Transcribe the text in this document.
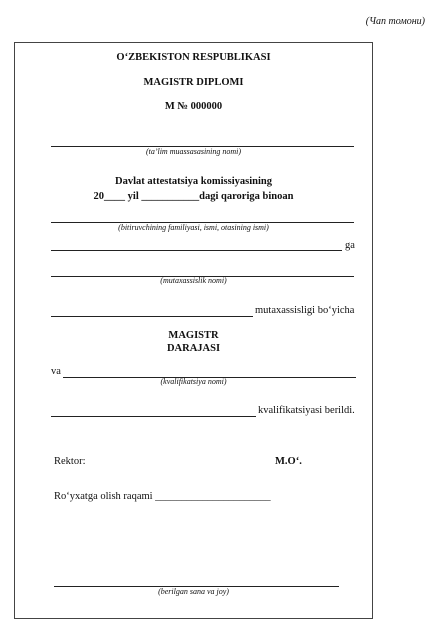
(Чап томони)
O‘ZBEKISTON RESPUBLIKASI
MAGISTR DIPLOMI
M № 000000
(ta’lim muassasasining nomi)
Davlat attestatsiya komissiyasining
20____ yil ___________dagi qaroriga binoan
(bitiruvchining familiyasi, ismi, otasining ismi)
ga
(mutaxassislik nomi)
mutaxassisligi bo‘yicha
MAGISTR
DARAJASI
va
(kvalifikatsiya nomi)
kvalifikatsiyasi berildi.
Rektor:	M.O‘.
Ro‘yxatga olish raqami ______________________
(berilgan sana va joy)
